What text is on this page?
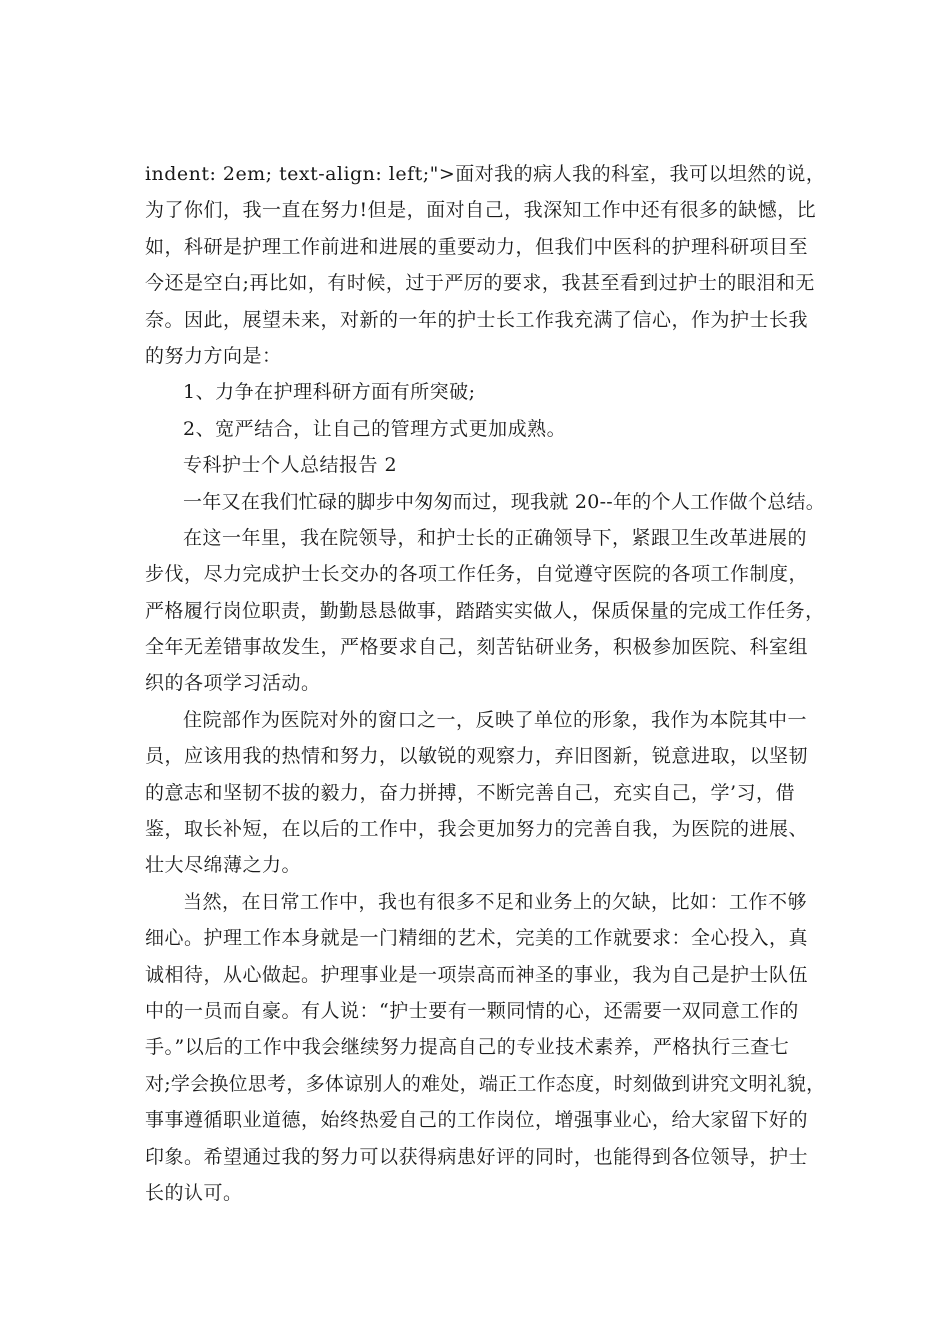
indent: 2em; text-align: left;">面对我的病人我的科室，我可以坦然的说，
为了你们，我一直在努力!但是，面对自己，我深知工作中还有很多的缺憾，比
如，科研是护理工作前进和进展的重要动力，但我们中医科的护理科研项目至
今还是空白;再比如，有时候，过于严厉的要求，我甚至看到过护士的眼泪和无
奈。因此，展望未来，对新的一年的护士长工作我充满了信心，作为护士长我
的努力方向是：
1、力争在护理科研方面有所突破;
2、宽严结合，让自己的管理方式更加成熟。
专科护士个人总结报告 2
一年又在我们忙碌的脚步中匆匆而过，现我就 20--年的个人工作做个总结。
在这一年里，我在院领导，和护士长的正确领导下，紧跟卫生改革进展的
步伐，尽力完成护士长交办的各项工作任务，自觉遵守医院的各项工作制度，
严格履行岗位职责，勤勤恳恳做事，踏踏实实做人，保质保量的完成工作任务，
全年无差错事故发生，严格要求自己，刻苦钻研业务，积极参加医院、科室组
织的各项学习活动。
住院部作为医院对外的窗口之一，反映了单位的形象，我作为本院其中一
员，应该用我的热情和努力，以敏锐的观察力，弃旧图新，锐意进取，以坚韧
的意志和坚韧不拔的毅力，奋力拼搏，不断完善自己，充实自己，学’习，借
鉴，取长补短，在以后的工作中，我会更加努力的完善自我，为医院的进展、
壮大尽绵薄之力。
当然，在日常工作中，我也有很多不足和业务上的欠缺，比如：工作不够
细心。护理工作本身就是一门精细的艺术，完美的工作就要求：全心投入，真
诚相待，从心做起。护理事业是一项崇高而神圣的事业，我为自己是护士队伍
中的一员而自豪。有人说：“护士要有一颗同情的心，还需要一双同意工作的
手。”以后的工作中我会继续努力提高自己的专业技术素养，严格执行三查七
对;学会换位思考，多体谅别人的难处，端正工作态度，时刻做到讲究文明礼貌，
事事遵循职业道德，始终热爱自己的工作岗位，增强事业心，给大家留下好的
印象。希望通过我的努力可以获得病患好评的同时，也能得到各位领导，护士
长的认可。
